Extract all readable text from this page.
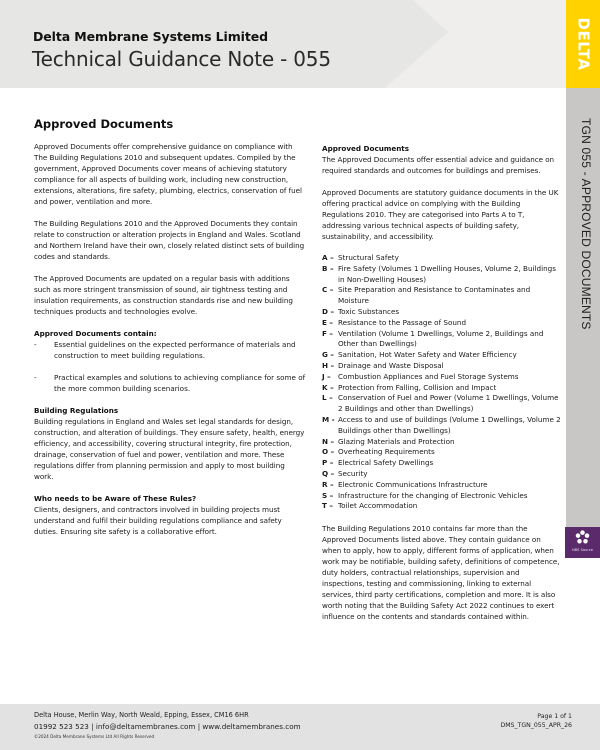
Delta Membrane Systems Limited
Technical Guidance Note - 055	DELTA
TGN 055 - APPROVED DOCUMENTS
NBS Source
Approved Documents

Approved Documents offer comprehensive guidance on compliance with The Building Regulations 2010 and subsequent updates. Compiled by the government, Approved Documents cover means of achieving statutory compliance for all aspects of building work, including new construction, extensions, alterations, fire safety, plumbing, electrics, conservation of fuel and power, ventilation and more.

The Building Regulations 2010 and the Approved Documents they contain relate to construction or alteration projects in England and Wales. Scotland and Northern Ireland have their own, closely related distinct sets of building codes and standards.

The Approved Documents are updated on a regular basis with additions such as more stringent transmission of sound, air tightness testing and insulation requirements, as construction standards rise and new building techniques products and technologies evolve.

Approved Documents contain:
-	Essential guidelines on the expected performance of materials and construction to meet building regulations.
-	Practical examples and solutions to achieving compliance for some of the more common building scenarios.
Building Regulations

Building regulations in England and Wales set legal standards for design, construction, and alteration of buildings. They ensure safety, health, energy efficiency, and accessibility, covering structural integrity, fire protection, drainage, conservation of fuel and power, ventilation and more. These regulations differ from planning permission and apply to most building work.

Who needs to be Aware of These Rules?

Clients, designers, and contractors involved in building projects must understand and fulfil their building regulations compliance and safety duties. Ensuring site safety is a collaborative effort.

Approved Documents

The Approved Documents offer essential advice and guidance on required standards and outcomes for buildings and premises.

Approved Documents are statutory guidance documents in the UK offering practical advice on complying with the Building Regulations 2010. They are categorised into Parts A to T, addressing various technical aspects of building safety, sustainability, and accessibility.

A – Structural Safety
B – Fire Safety (Volumes 1 Dwelling Houses, Volume 2, Buildings in Non-Dwelling Houses)
C – Site Preparation and Resistance to Contaminates and Moisture
D – Toxic Substances
E – Resistance to the Passage of Sound
F – Ventilation (Volume 1 Dwellings, Volume 2, Buildings and Other than Dwellings)
G – Sanitation, Hot Water Safety and Water Efficiency
H – Drainage and Waste Disposal
J –	Combustion Appliances and Fuel Storage Systems
K – Protection from Falling, Collision and Impact
L – Conservation of Fuel and Power (Volume 1 Dwellings, Volume 2 Buildings and other than Dwellings)
M - Access to and use of buildings (Volume 1 Dwellings, Volume 2 Buildings other than Dwellings)
N – Glazing Materials and Protection
O – Overheating Requirements
P – Electrical Safety Dwellings
Q – Security
R – Electronic Communications Infrastructure
S – Infrastructure for the changing of Electronic Vehicles
T – Toilet Accommodation

The Building Regulations 2010 contains far more than the Approved Documents listed above. They contain guidance on when to apply, how to apply, different forms of application, when work may be notifiable, building safety, definitions of competence, duty holders, contractual relationships, supervision and inspections, testing and commissioning, linking to external services, third party certifications, completion and more. It is also worth noting that the Building Safety Act 2022 continues to exert influence on the contents and standards contained within.

Delta House, Merlin Way, North Weald, Epping, Essex, CM16 6HR
01992 523 523 | info@deltamembranes.com | www.deltamembranes.com
©2024 Delta Membrane Systems Ltd All Rights Reserved
Page 1 of 1
DMS_TGN_055_APR_26
